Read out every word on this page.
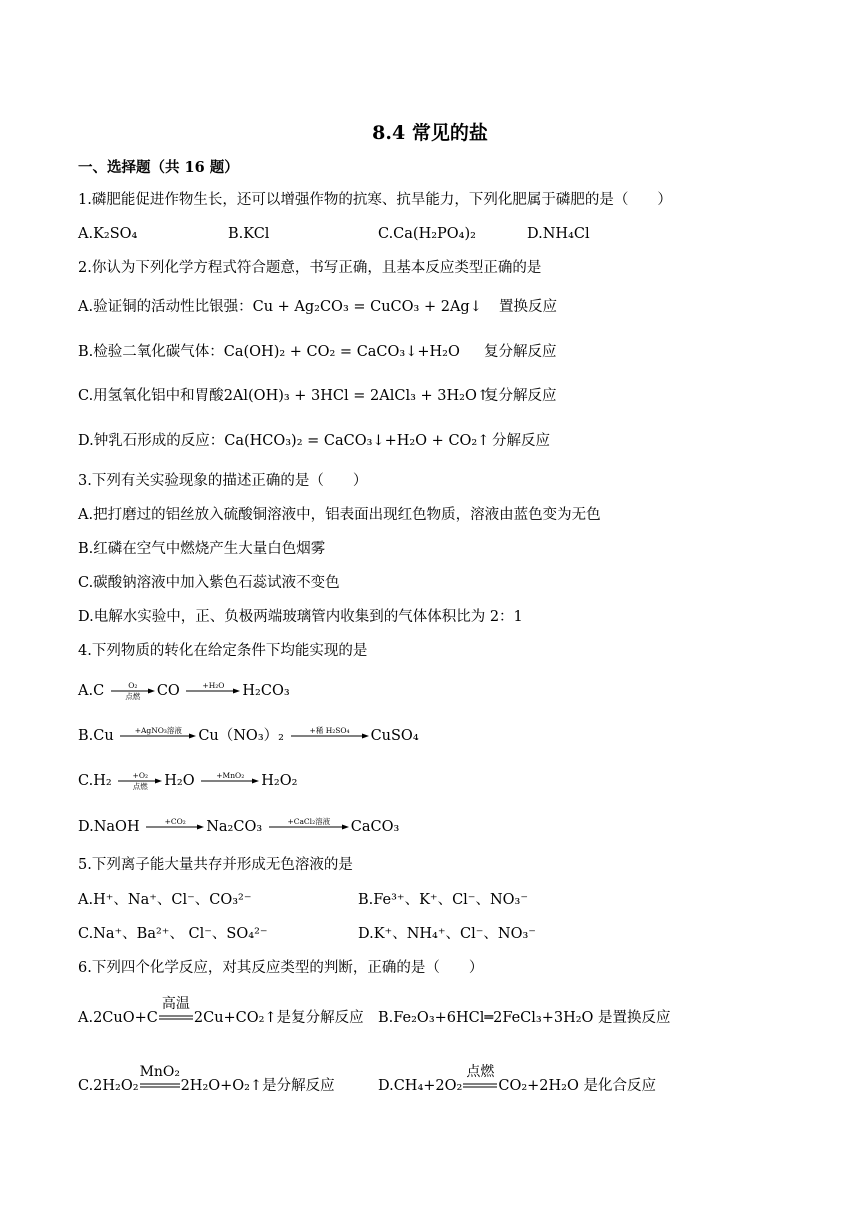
8.4 常见的盐
一、选择题（共 16 题）
1.磷肥能促进作物生长，还可以增强作物的抗寒、抗旱能力，下列化肥属于磷肥的是（　　）
A.K₂SO₄	B.KCl	C.Ca(H₂PO₄)₂	D.NH₄Cl
2.你认为下列化学方程式符合题意，书写正确，且基本反应类型正确的是
A.验证铜的活动性比银强：Cu + Ag₂CO₃ = CuCO₃ + 2Ag↓ 置换反应
B.检验二氧化碳气体：Ca(OH)₂ + CO₂ = CaCO₃↓+H₂O 复分解反应
C.用氢氧化铝中和胃酸2Al(OH)₃ + 3HCl = 2AlCl₃ + 3H₂O↑
复分解反应
D.钟乳石形成的反应：Ca(HCO₃)₂ = CaCO₃↓+H₂O + CO₂↑ 分解反应
3.下列有关实验现象的描述正确的是（　　）
A.把打磨过的铝丝放入硫酸铜溶液中，铝表面出现红色物质，溶液由蓝色变为无色
B.红磷在空气中燃烧产生大量白色烟雾
C.碳酸钠溶液中加入紫色石蕊试液不变色
D.电解水实验中，正、负极两端玻璃管内收集到的气体体积比为 2：1
4.下列物质的转化在给定条件下均能实现的是
A.C	O₂
点燃	CO	+H₂O	H₂CO₃
B.Cu	+AgNO₃溶液	Cu（NO₃）₂	+稀 H₂SO₄	CuSO₄
C.H₂	+O₂
点燃	H₂O	+MnO₂	H₂O₂
D.NaOH	+CO₂	Na₂CO₃	+CaCl₂溶液	CaCO₃
5.下列离子能大量共存并形成无色溶液的是
A.H⁺、Na⁺、Cl⁻、CO₃²⁻	B.Fe³⁺、K⁺、Cl⁻、NO₃⁻
C.Na⁺、Ba²⁺、 Cl⁻、SO₄²⁻	D.K⁺、NH₄⁺、Cl⁻、NO₃⁻
6.下列四个化学反应，对其反应类型的判断，正确的是（　　）
A.2CuO+C
高温
2Cu+CO₂↑是复分解反应 B.Fe₂O₃+6HCl═2FeCl₃+3H₂O 是置换反应
C.2H₂O₂
MnO₂
2H₂O+O₂↑是分解反应	D.CH₄+2O₂
点燃
CO₂+2H₂O 是化合反应
